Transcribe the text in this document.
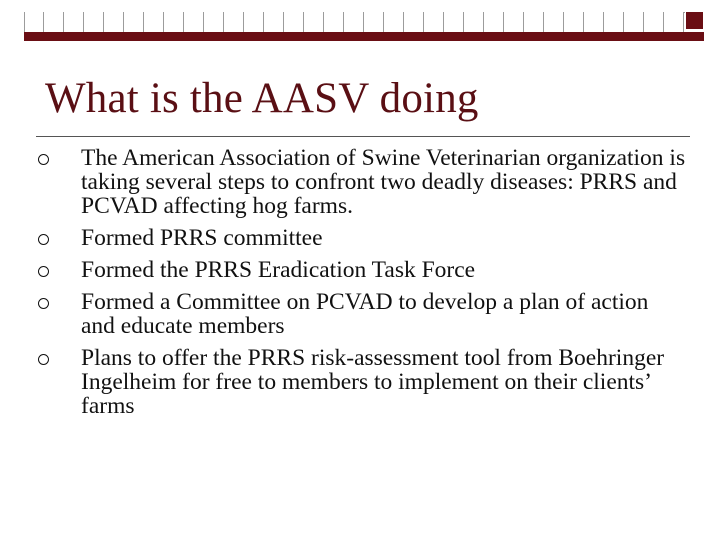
What is the AASV doing
The American Association of Swine Veterinarian organization is taking several steps to confront two deadly diseases: PRRS and PCVAD affecting hog farms.
Formed PRRS committee
Formed the PRRS Eradication Task Force
Formed a Committee on PCVAD to develop a plan of action and educate members
Plans to offer the PRRS risk-assessment tool from Boehringer Ingelheim for free to members to implement on their clients’ farms
